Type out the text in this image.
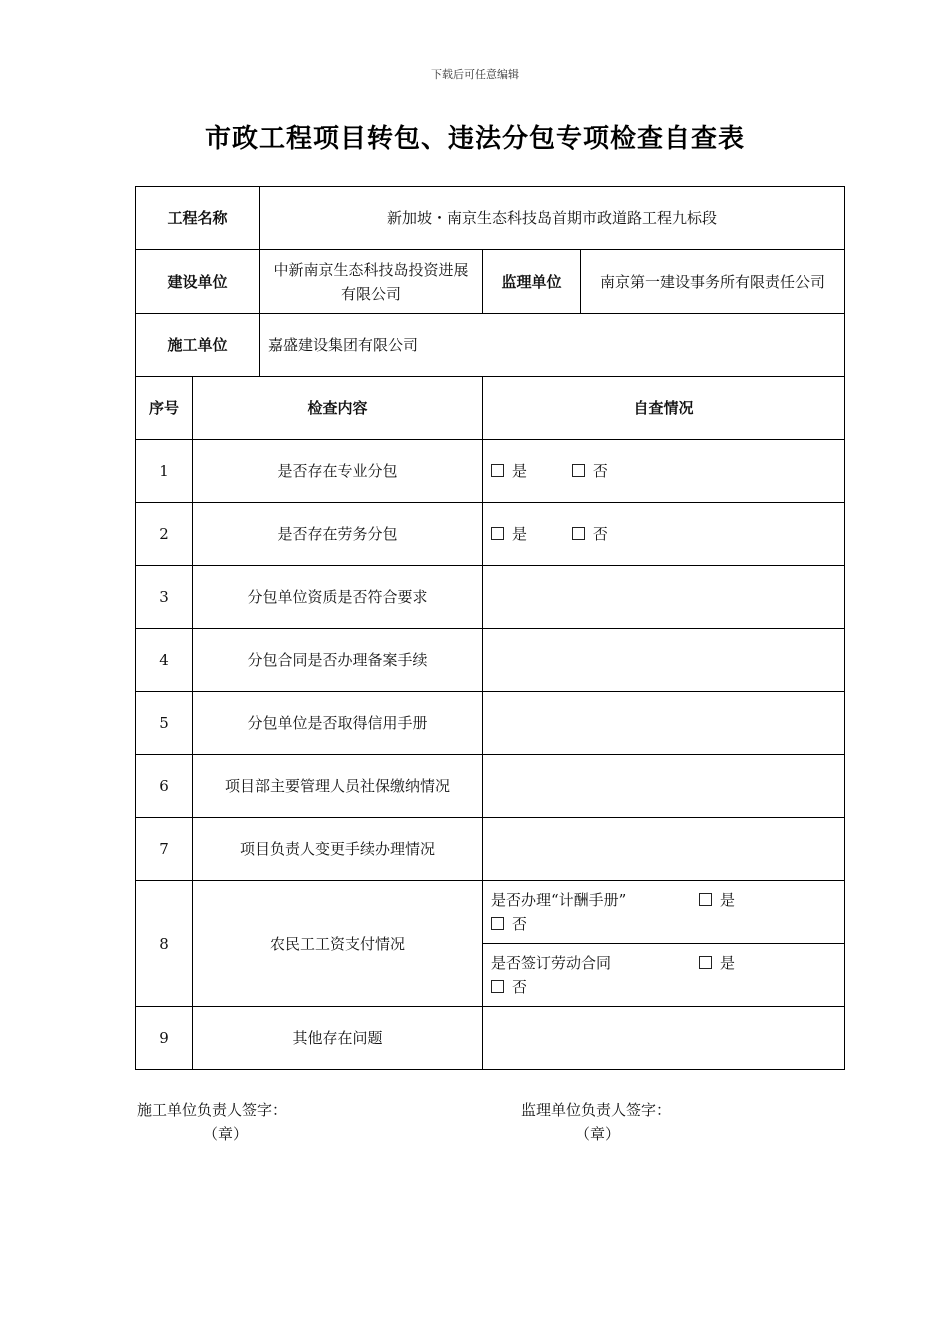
下载后可任意编辑
市政工程项目转包、违法分包专项检查自查表
工程名称		新加坡・南京生态科技岛首期市政道路工程九标段		
建设单位		中新南京生态科技岛投资进展有限公司	监理单位	南京第一建设事务所有限责任公司
施工单位		嘉盛建设集团有限公司		
序号	检查内容		自查情况	
1	是否存在专业分包		是 否	
2	是否存在劳务分包		是 否	
3	分包单位资质是否符合要求			
4	分包合同是否办理备案手续			
5	分包单位是否取得信用手册			
6	项目部主要管理人员社保缴纳情况			
7	项目负责人变更手续办理情况			
8	农民工工资支付情况		是否办理“计酬手册” 是否	
			是否签订劳动合同 是否	
9	其他存在问题			
施工单位负责人签字：
（章）
监理单位负责人签字：
（章）
